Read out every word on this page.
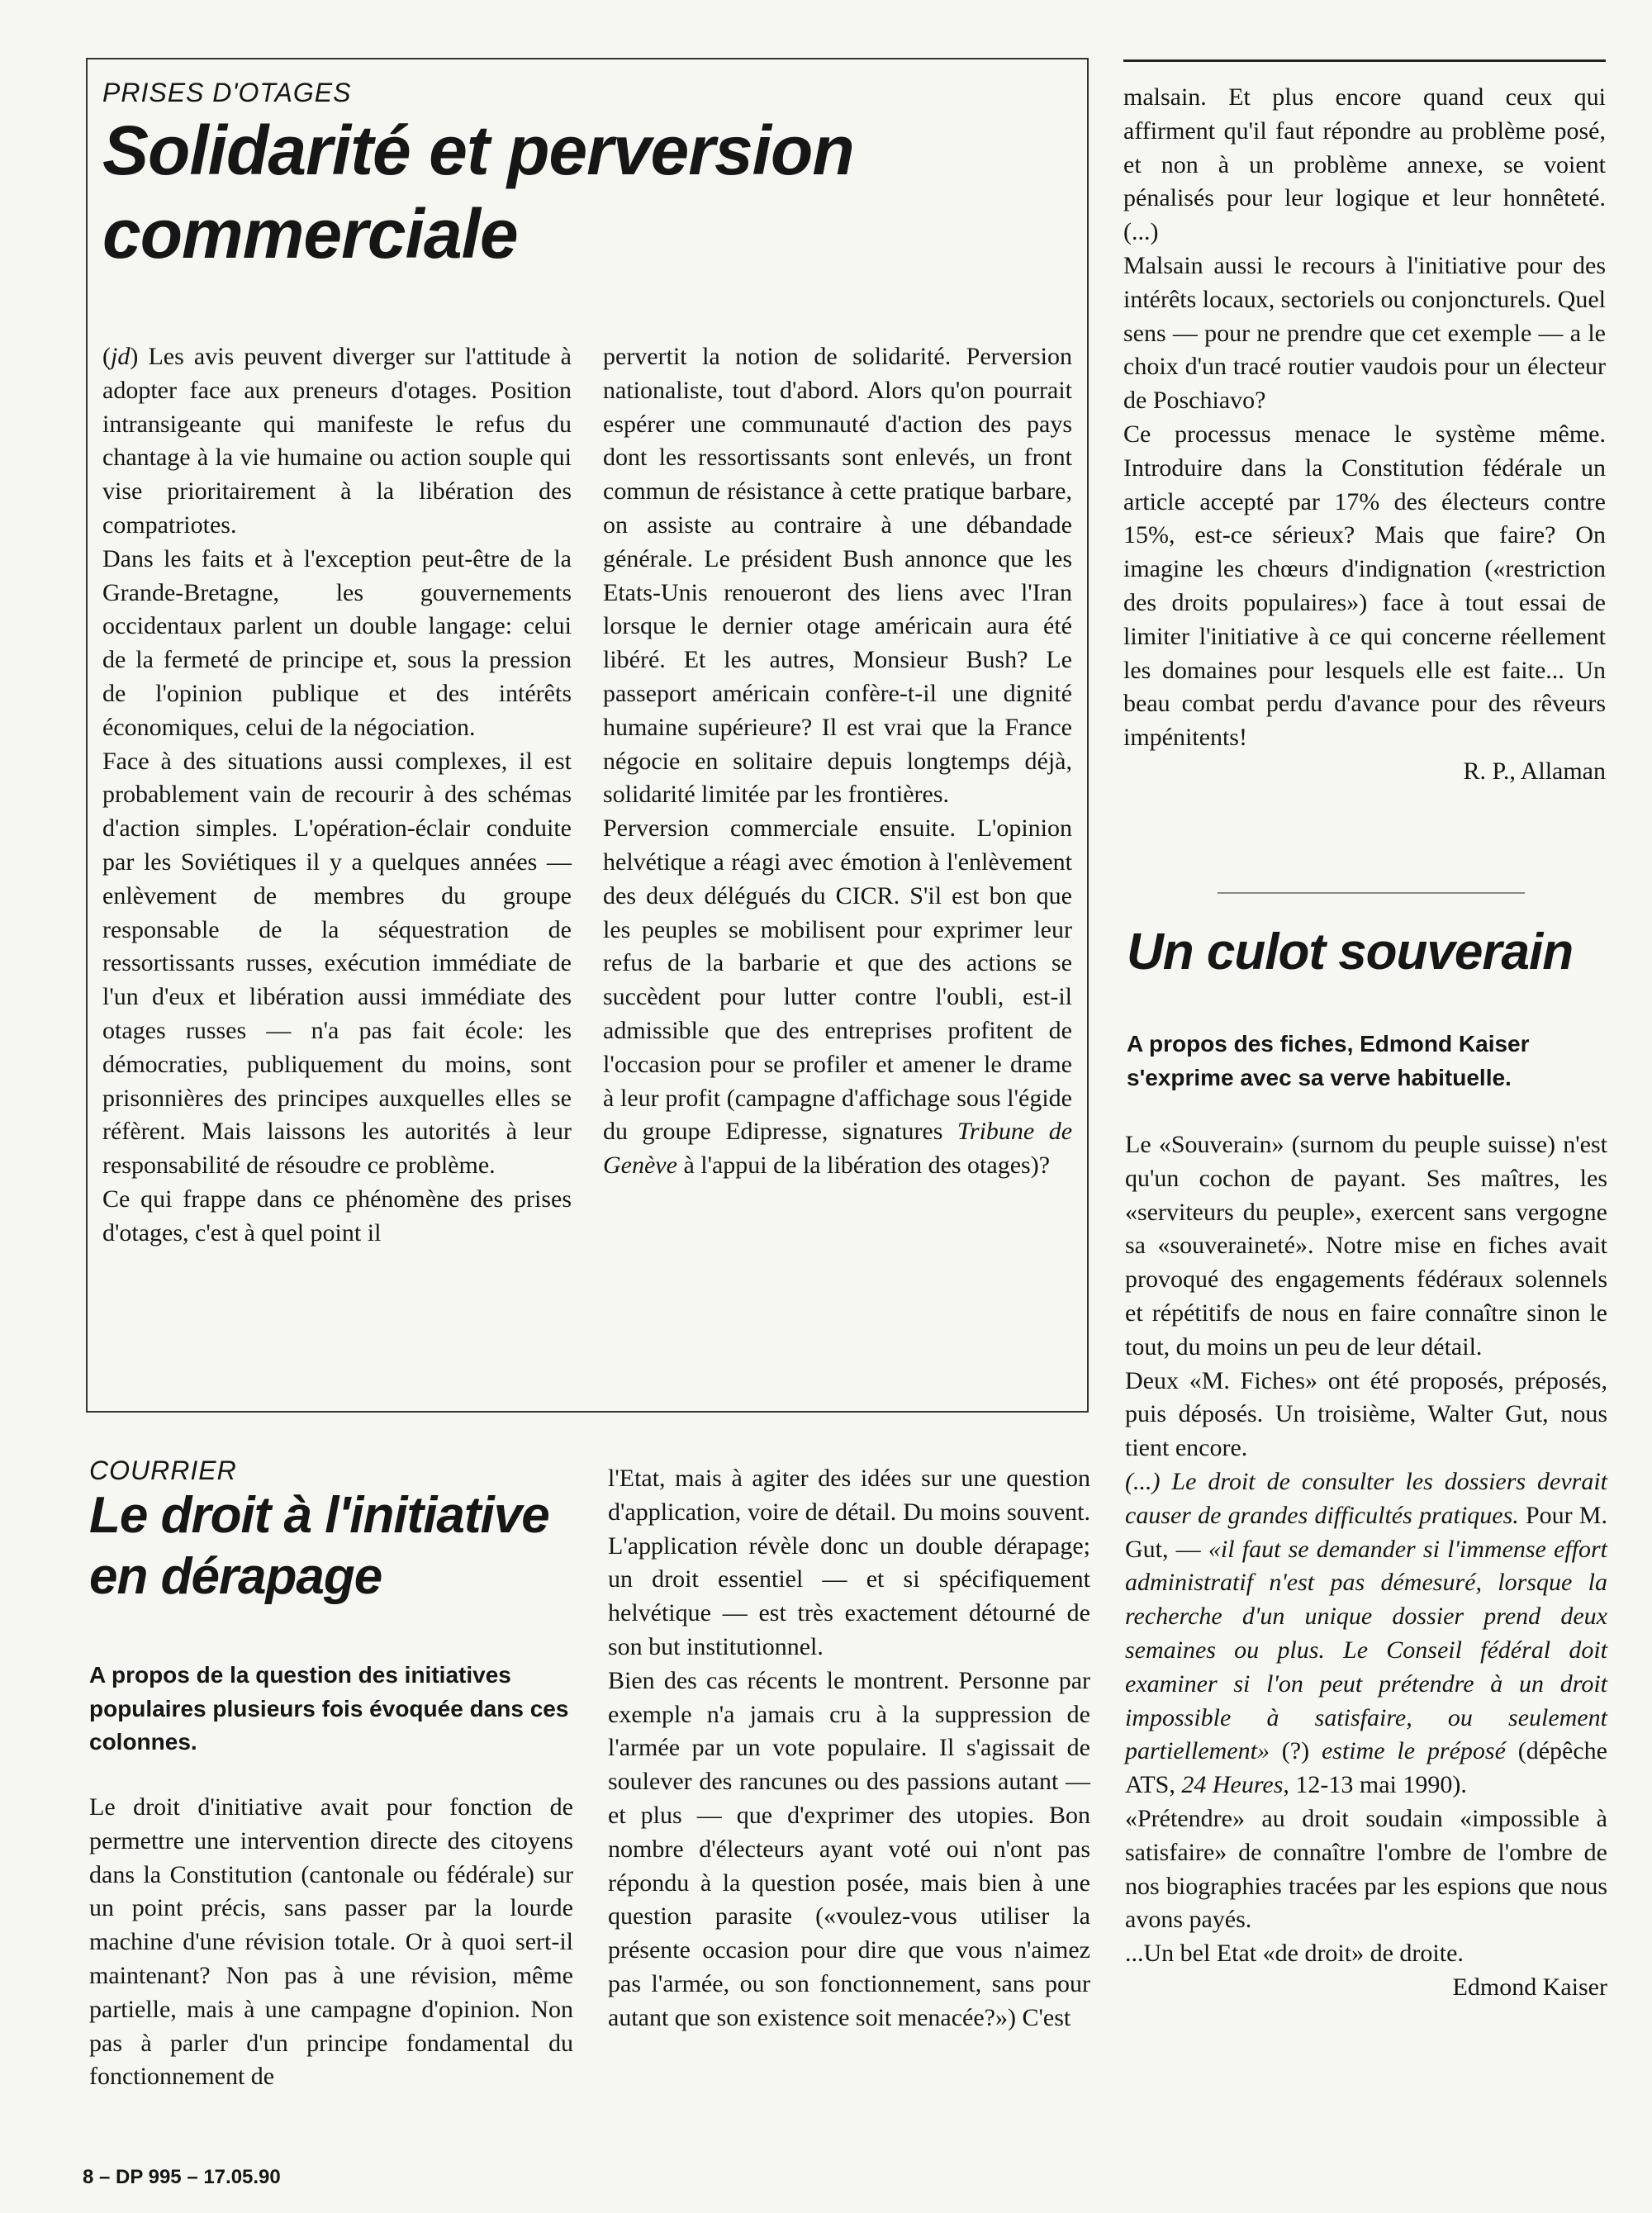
PRISES D'OTAGES
Solidarité et perversion
commerciale

(jd) Les avis peuvent diverger sur l'attitude à adopter face aux preneurs d'otages. Position intransigeante qui manifeste le refus du chantage à la vie humaine ou action souple qui vise prioritairement à la libération des compatriotes.

Dans les faits et à l'exception peut-être de la Grande-Bretagne, les gouvernements occidentaux parlent un double langage: celui de la fermeté de principe et, sous la pression de l'opinion publique et des intérêts économiques, celui de la négociation.

Face à des situations aussi complexes, il est probablement vain de recourir à des schémas d'action simples. L'opération-éclair conduite par les Soviétiques il y a quelques années — enlèvement de membres du groupe responsable de la séquestration de ressortissants russes, exécution immédiate de l'un d'eux et libération aussi immédiate des otages russes — n'a pas fait école: les démocraties, publiquement du moins, sont prisonnières des principes auxquelles elles se réfèrent. Mais laissons les autorités à leur responsabilité de résoudre ce problème.

Ce qui frappe dans ce phénomène des prises d'otages, c'est à quel point il

pervertit la notion de solidarité. Perversion nationaliste, tout d'abord. Alors qu'on pourrait espérer une communauté d'action des pays dont les ressortissants sont enlevés, un front commun de résistance à cette pratique barbare, on assiste au contraire à une débandade générale. Le président Bush annonce que les Etats-Unis renoueront des liens avec l'Iran lorsque le dernier otage américain aura été libéré. Et les autres, Monsieur Bush? Le passeport américain confère-t-il une dignité humaine supérieure? Il est vrai que la France négocie en solitaire depuis longtemps déjà, solidarité limitée par les frontières.

Perversion commerciale ensuite. L'opinion helvétique a réagi avec émotion à l'enlèvement des deux délégués du CICR. S'il est bon que les peuples se mobilisent pour exprimer leur refus de la barbarie et que des actions se succèdent pour lutter contre l'oubli, est-il admissible que des entreprises profitent de l'occasion pour se profiler et amener le drame à leur profit (campagne d'affichage sous l'égide du groupe Edipresse, signatures Tribune de Genève à l'appui de la libération des otages)?

COURRIER
Le droit à l'initiative
en dérapage
A propos de la question des initiatives populaires plusieurs fois évoquée dans ces colonnes.

Le droit d'initiative avait pour fonction de permettre une intervention directe des citoyens dans la Constitution (cantonale ou fédérale) sur un point précis, sans passer par la lourde machine d'une révision totale. Or à quoi sert-il maintenant? Non pas à une révision, même partielle, mais à une campagne d'opinion. Non pas à parler d'un principe fondamental du fonctionnement de

l'Etat, mais à agiter des idées sur une question d'application, voire de détail. Du moins souvent. L'application révèle donc un double dérapage; un droit essentiel — et si spécifiquement helvétique — est très exactement détourné de son but institutionnel.

Bien des cas récents le montrent. Personne par exemple n'a jamais cru à la suppression de l'armée par un vote populaire. Il s'agissait de soulever des rancunes ou des passions autant — et plus — que d'exprimer des utopies. Bon nombre d'électeurs ayant voté oui n'ont pas répondu à la question posée, mais bien à une question parasite («voulez-vous utiliser la présente occasion pour dire que vous n'aimez pas l'armée, ou son fonctionnement, sans pour autant que son existence soit menacée?») C'est

malsain. Et plus encore quand ceux qui affirment qu'il faut répondre au problème posé, et non à un problème annexe, se voient pénalisés pour leur logique et leur honnêteté. (...)

Malsain aussi le recours à l'initiative pour des intérêts locaux, sectoriels ou conjoncturels. Quel sens — pour ne prendre que cet exemple — a le choix d'un tracé routier vaudois pour un électeur de Poschiavo?

Ce processus menace le système même. Introduire dans la Constitution fédérale un article accepté par 17% des électeurs contre 15%, est-ce sérieux? Mais que faire? On imagine les chœurs d'indignation («restriction des droits populaires») face à tout essai de limiter l'initiative à ce qui concerne réellement les domaines pour lesquels elle est faite... Un beau combat perdu d'avance pour des rêveurs impénitents!

R. P., Allaman

Un culot souverain
A propos des fiches, Edmond Kaiser s'exprime avec sa verve habituelle.

Le «Souverain» (surnom du peuple suisse) n'est qu'un cochon de payant. Ses maîtres, les «serviteurs du peuple», exercent sans vergogne sa «souveraineté». Notre mise en fiches avait provoqué des engagements fédéraux solennels et répétitifs de nous en faire connaître sinon le tout, du moins un peu de leur détail.

Deux «M. Fiches» ont été proposés, préposés, puis déposés. Un troisième, Walter Gut, nous tient encore.

(...) Le droit de consulter les dossiers devrait causer de grandes difficultés pratiques. Pour M. Gut, — «il faut se demander si l'immense effort administratif n'est pas démesuré, lorsque la recherche d'un unique dossier prend deux semaines ou plus. Le Conseil fédéral doit examiner si l'on peut prétendre à un droit impossible à satisfaire, ou seulement partiellement» (?) estime le préposé (dépêche ATS, 24 Heures, 12-13 mai 1990).

«Prétendre» au droit soudain «impossible à satisfaire» de connaître l'ombre de l'ombre de nos biographies tracées par les espions que nous avons payés.

...Un bel Etat «de droit» de droite.

Edmond Kaiser

8 – DP 995 – 17.05.90
